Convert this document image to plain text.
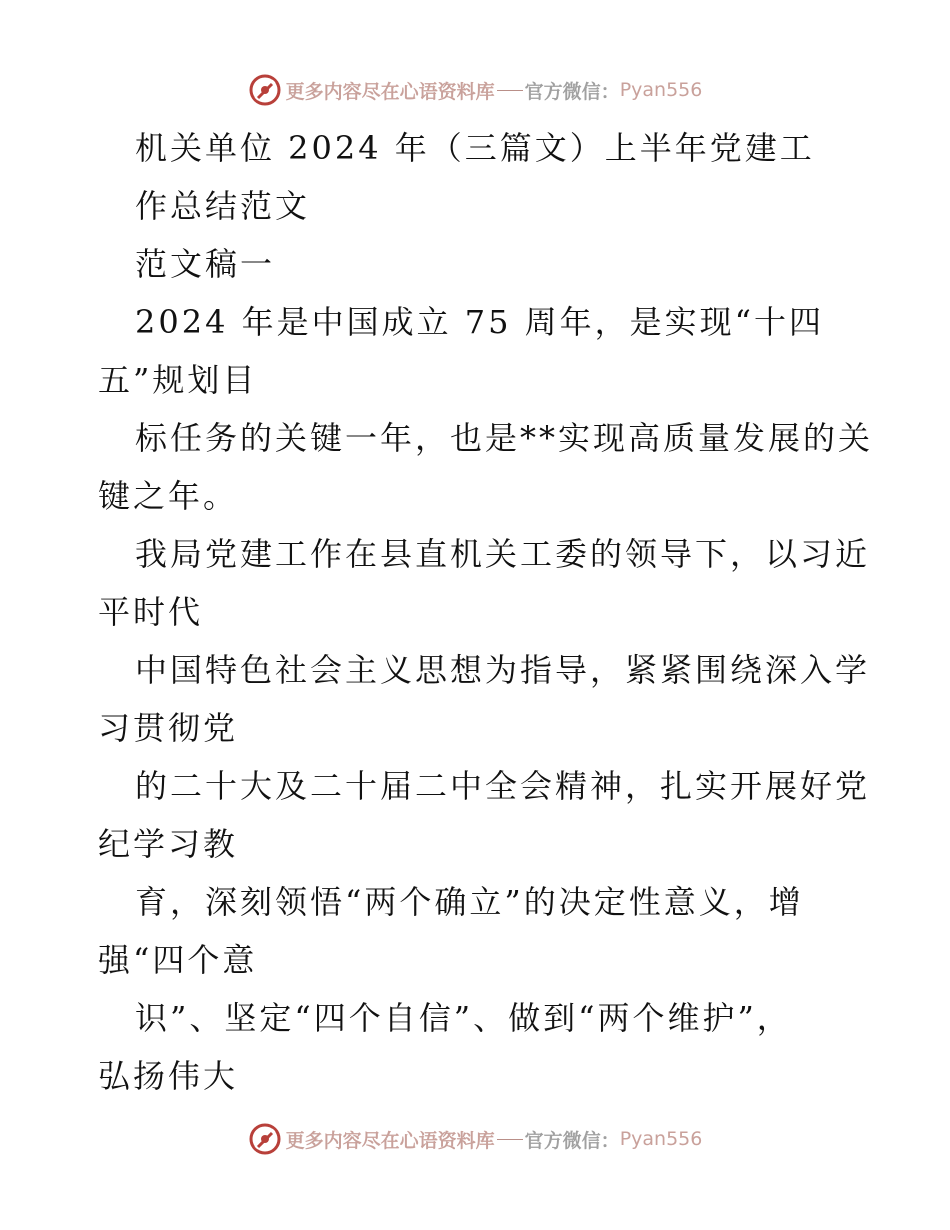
更多内容尽在心语资料库 官方微信： Pyan556
机关单位 2024 年（三篇文）上半年党建工
作总结范文
范文稿一
2024 年是中国成立 75 周年，是实现“十四
五”规划目
标任务的关键一年，也是**实现高质量发展的关
键之年。
我局党建工作在县直机关工委的领导下，以习近
平时代
中国特色社会主义思想为指导，紧紧围绕深入学
习贯彻党
的二十大及二十届二中全会精神，扎实开展好党
纪学习教
育，深刻领悟“两个确立”的决定性意义，增
强“四个意
识”、坚定“四个自信”、做到“两个维护”，
弘扬伟大
更多内容尽在心语资料库 官方微信： Pyan556
